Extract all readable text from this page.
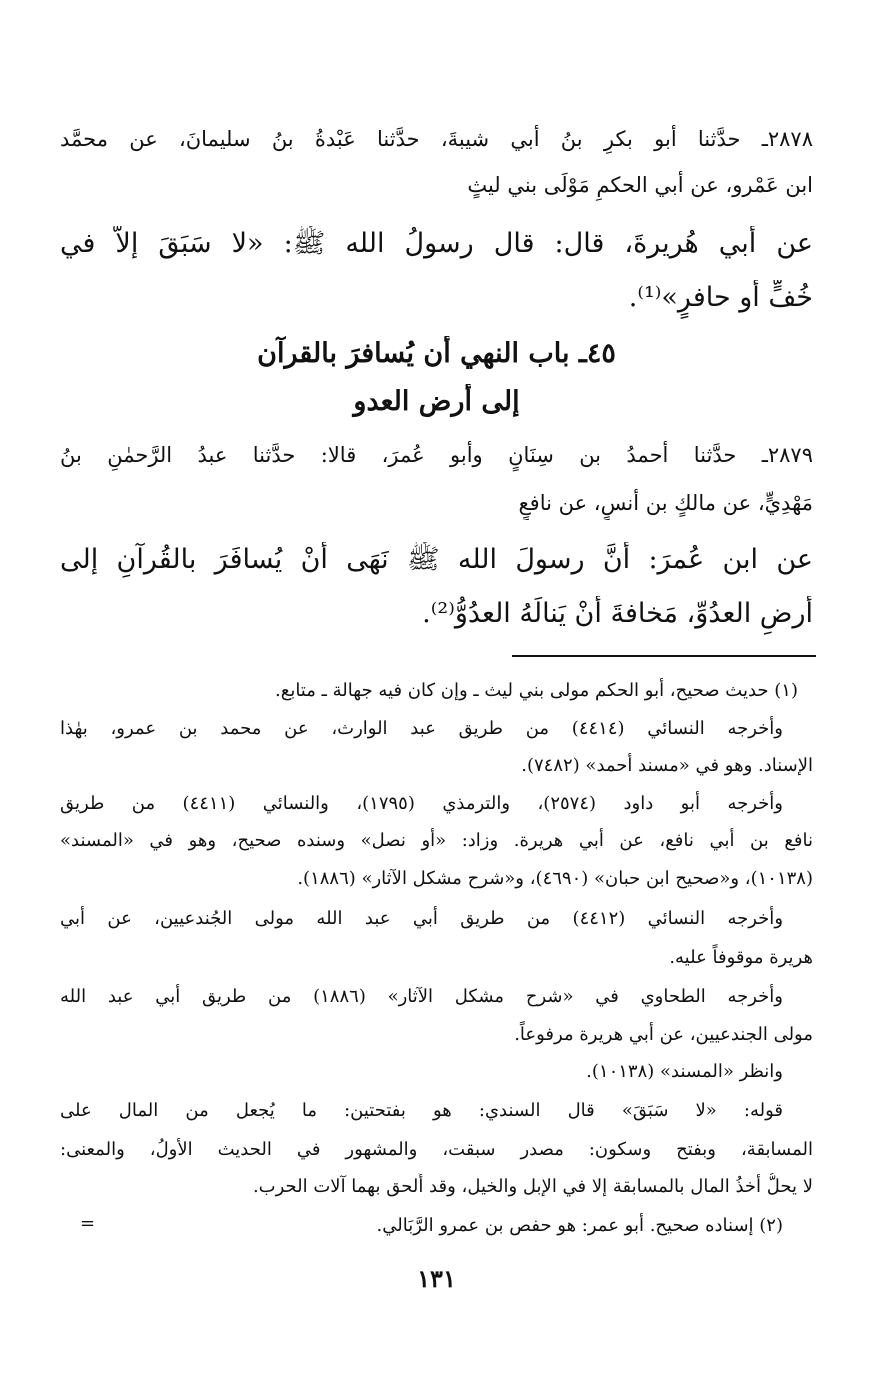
٢٨٧٨ـ حدَّثنا أبو بكرِ بنُ أبي شيبةَ، حدَّثنا عَبْدةُ بنُ سليمانَ، عن محمَّد
ابن عَمْرو، عن أبي الحكمِ مَوْلَى بني ليثٍ
عن أبي هُريرةَ، قال: قال رسولُ الله ﷺ: «لا سَبَقَ إلاَّ في
خُفٍّ أو حافرٍ»⁽¹⁾.
٤٥ـ باب النهي أن يُسافرَ بالقرآن
إلى أرض العدو
٢٨٧٩ـ حدَّثنا أحمدُ بن سِنَانٍ وأبو عُمرَ، قالا: حدَّثنا عبدُ الرَّحمٰنِ بنُ
مَهْدِيٍّ، عن مالكٍ بن أنسٍ، عن نافعٍ
عن ابن عُمرَ: أنَّ رسولَ الله ﷺ نَهَى أنْ يُسافَرَ بالقُرآنِ إلى
أرضِ العدُوِّ، مَخافةَ أنْ يَنالَهُ العدُوُّ⁽²⁾.
(١) حديث صحيح، أبو الحكم مولى بني ليث ـ وإن كان فيه جهالة ـ متابع.
وأخرجه النسائي (٤٤١٤) من طريق عبد الوارث، عن محمد بن عمرو، بهٰذا
الإسناد. وهو في «مسند أحمد» (٧٤٨٢).
وأخرجه أبو داود (٢٥٧٤)، والترمذي (١٧٩٥)، والنسائي (٤٤١١) من طريق
نافع بن أبي نافع، عن أبي هريرة. وزاد: «أو نصل» وسنده صحيح، وهو في «المسند»
(١٠١٣٨)، و«صحيح ابن حبان» (٤٦٩٠)، و«شرح مشكل الآثار» (١٨٨٦).
وأخرجه النسائي (٤٤١٢) من طريق أبي عبد الله مولى الجُندعيين، عن أبي
هريرة موقوفاً عليه.
وأخرجه الطحاوي في «شرح مشكل الآثار» (١٨٨٦) من طريق أبي عبد الله
مولى الجندعيين، عن أبي هريرة مرفوعاً.
وانظر «المسند» (١٠١٣٨).
قوله: «لا سَبَقَ» قال السندي: هو بفتحتين: ما يُجعل من المال على
المسابقة، وبفتح وسكون: مصدر سبقت، والمشهور في الحديث الأولُ، والمعنى:
لا يحلُّ أخذُ المال بالمسابقة إلا في الإبل والخيل، وقد أُلحق بهما آلات الحرب.
(٢) إسناده صحيح. أبو عمر: هو حفص بن عمرو الرَّبَالي.
=
١٣١
